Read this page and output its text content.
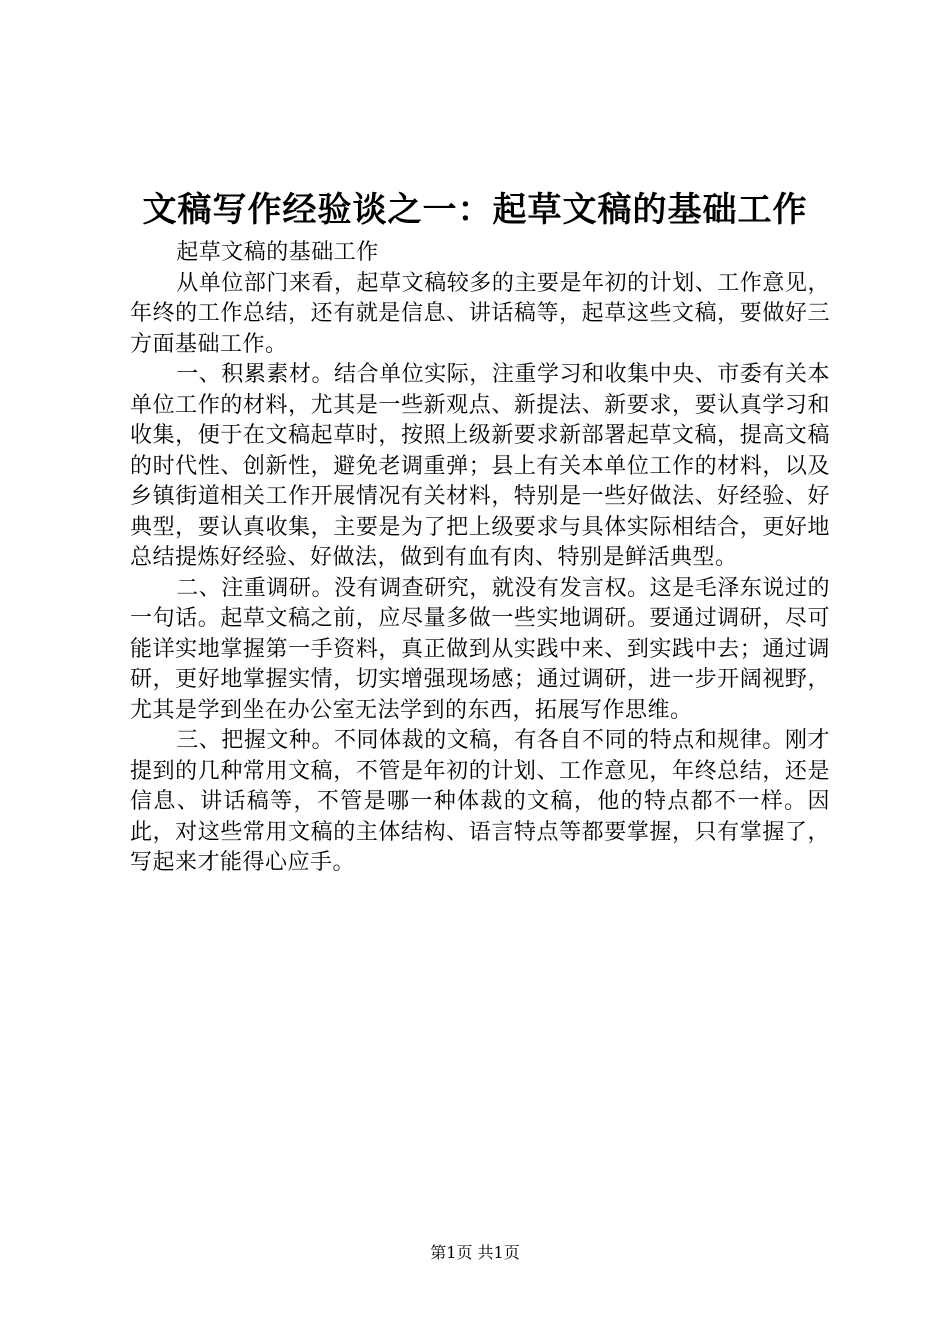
文稿写作经验谈之一：起草文稿的基础工作

起草文稿的基础工作

从单位部门来看，起草文稿较多的主要是年初的计划、工作意见，年终的工作总结，还有就是信息、讲话稿等，起草这些文稿，要做好三方面基础工作。

一、积累素材。结合单位实际，注重学习和收集中央、市委有关本单位工作的材料，尤其是一些新观点、新提法、新要求，要认真学习和收集，便于在文稿起草时，按照上级新要求新部署起草文稿，提高文稿的时代性、创新性，避免老调重弹；县上有关本单位工作的材料，以及乡镇街道相关工作开展情况有关材料，特别是一些好做法、好经验、好典型，要认真收集，主要是为了把上级要求与具体实际相结合，更好地总结提炼好经验、好做法，做到有血有肉、特别是鲜活典型。

二、注重调研。没有调查研究，就没有发言权。这是毛泽东说过的一句话。起草文稿之前，应尽量多做一些实地调研。要通过调研，尽可能详实地掌握第一手资料，真正做到从实践中来、到实践中去；通过调研，更好地掌握实情，切实增强现场感；通过调研，进一步开阔视野，尤其是学到坐在办公室无法学到的东西，拓展写作思维。

三、把握文种。不同体裁的文稿，有各自不同的特点和规律。刚才提到的几种常用文稿，不管是年初的计划、工作意见，年终总结，还是信息、讲话稿等，不管是哪一种体裁的文稿，他的特点都不一样。因此，对这些常用文稿的主体结构、语言特点等都要掌握，只有掌握了，写起来才能得心应手。

第1页 共1页
